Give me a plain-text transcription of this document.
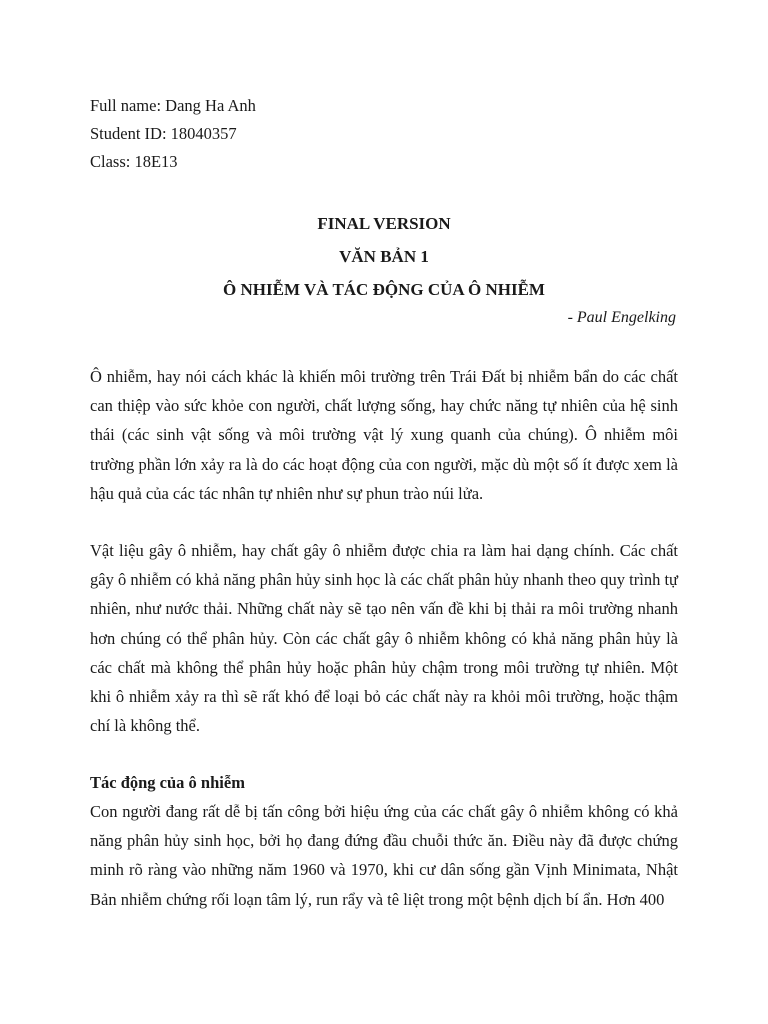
Full name: Dang Ha Anh
Student ID: 18040357
Class: 18E13
FINAL VERSION
VĂN BẢN 1
Ô NHIỄM VÀ TÁC ĐỘNG CỦA Ô NHIỄM
- Paul Engelking
Ô nhiễm, hay nói cách khác là khiến môi trường trên Trái Đất bị nhiễm bẩn do các chất can thiệp vào sức khỏe con người, chất lượng sống, hay chức năng tự nhiên của hệ sinh thái (các sinh vật sống và môi trường vật lý xung quanh của chúng). Ô nhiễm môi trường phần lớn xảy ra là do các hoạt động của con người, mặc dù một số ít được xem là hậu quả của các tác nhân tự nhiên như sự phun trào núi lửa.
Vật liệu gây ô nhiễm, hay chất gây ô nhiễm được chia ra làm hai dạng chính. Các chất gây ô nhiễm có khả năng phân hủy sinh học là các chất phân hủy nhanh theo quy trình tự nhiên, như nước thải. Những chất này sẽ tạo nên vấn đề khi bị thải ra môi trường nhanh hơn chúng có thể phân hủy. Còn các chất gây ô nhiễm không có khả năng phân hủy là các chất mà không thể phân hủy hoặc phân hủy chậm trong môi trường tự nhiên. Một khi ô nhiễm xảy ra thì sẽ rất khó để loại bỏ các chất này ra khỏi môi trường, hoặc thậm chí là không thể.
Tác động của ô nhiễm
Con người đang rất dễ bị tấn công bởi hiệu ứng của các chất gây ô nhiễm không có khả năng phân hủy sinh học, bởi họ đang đứng đầu chuỗi thức ăn. Điều này đã được chứng minh rõ ràng vào những năm 1960 và 1970, khi cư dân sống gần Vịnh Minimata, Nhật Bản nhiễm chứng rối loạn tâm lý, run rẩy và tê liệt trong một bệnh dịch bí ẩn. Hơn 400
